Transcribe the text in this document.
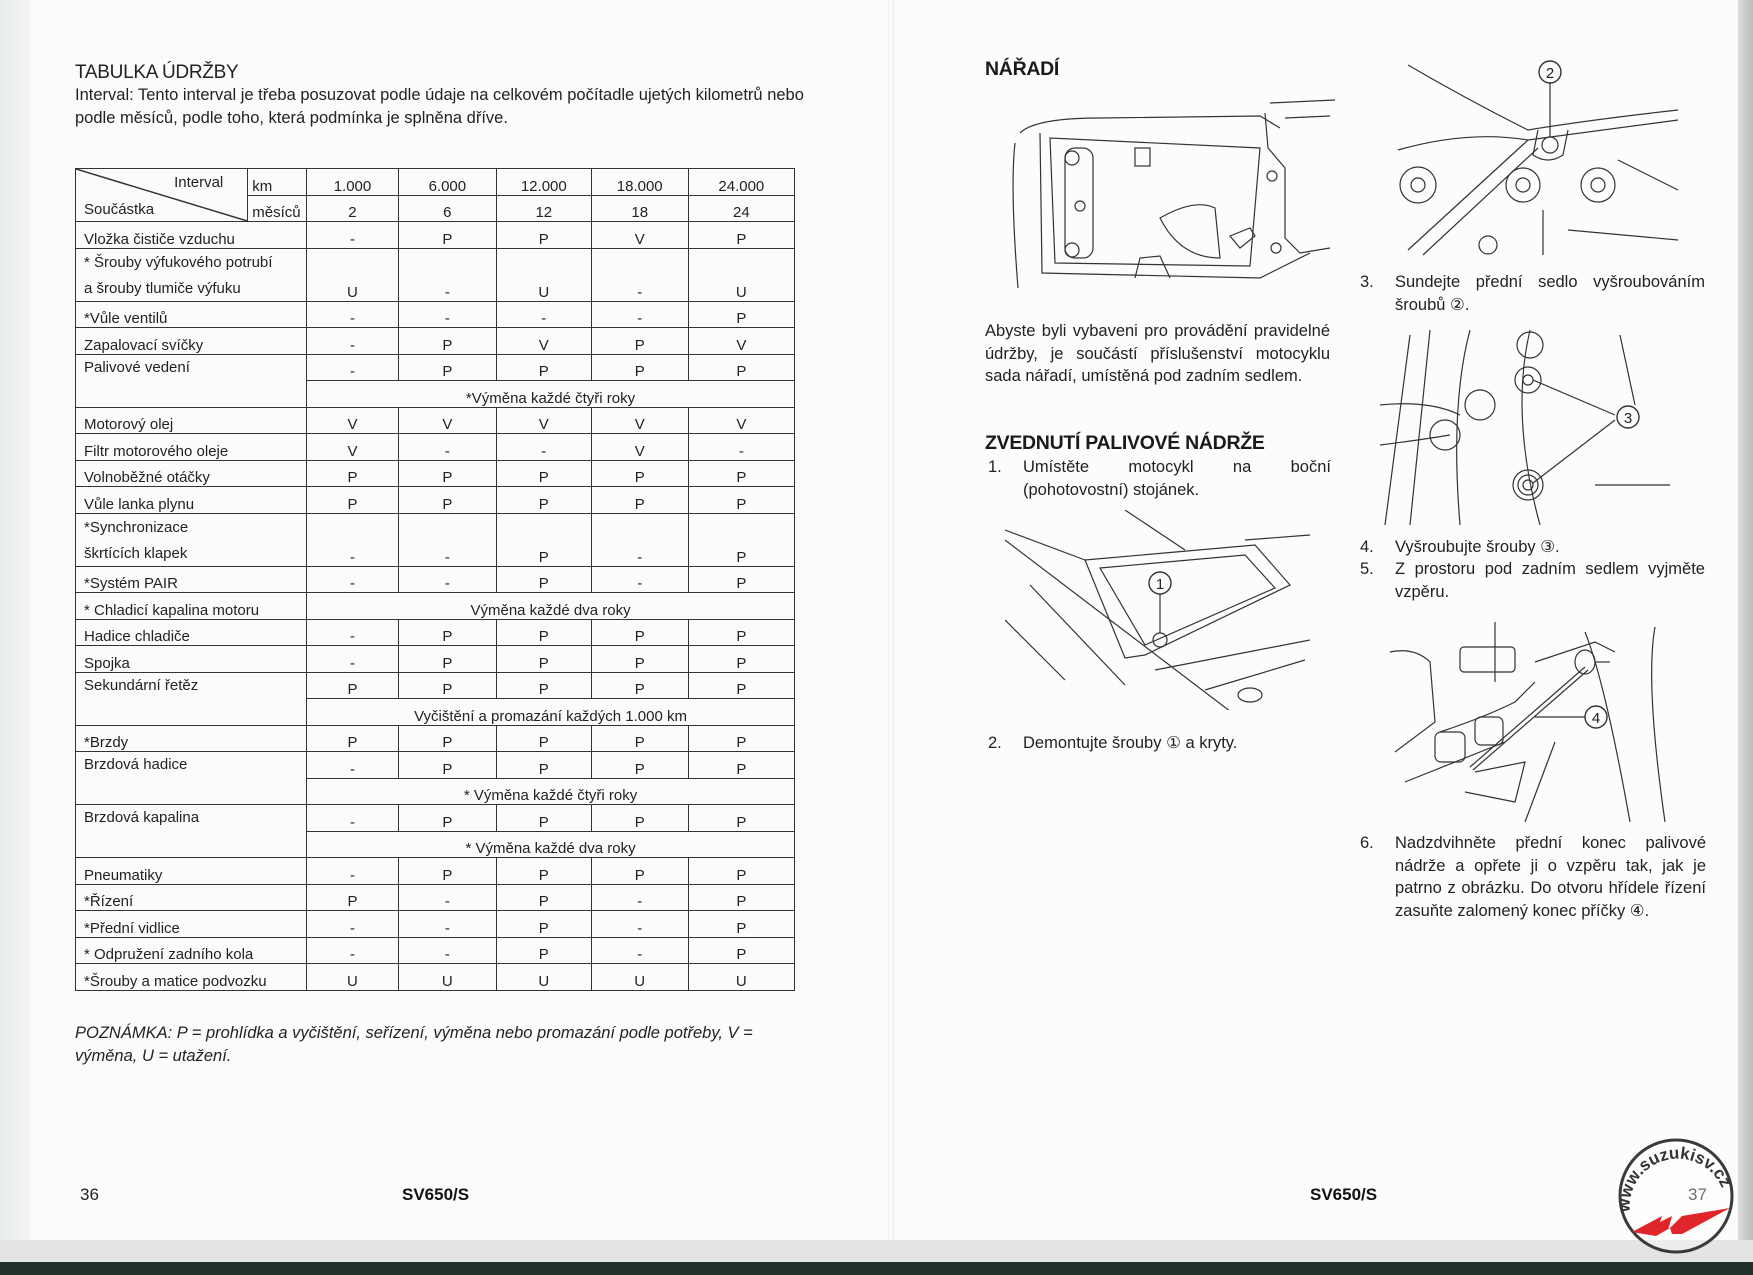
TABULKA ÚDRŽBY
Interval: Tento interval je třeba posuzovat podle údaje na celkovém počítadle ujetých kilometrů nebo podle měsíců, podle toho, která podmínka je splněna dříve.
Interval
Součástka
	km	1.000	6.000	12.000	18.000	24.000
měsíců	2	6	12	18	24
Vložka čističe vzduchu	-	P	P	V	P

* Šrouby výfukového potrubí
a šrouby tlumiče výfuku	U	-	U	-	U
*Vůle ventilů	-	-	-	-	P
Zapalovací svíčky	-	P	V	P	V
Palivové vedení	-	P	P	P	P
*Výměna každé čtyři roky
Motorový olej	V	V	V	V	V
Filtr motorového oleje	V	-	-	V	-
Volnoběžné otáčky	P	P	P	P	P
Vůle lanka plynu	P	P	P	P	P

*Synchronizace
škrtících klapek	-	-	P	-	P
*Systém PAIR	-	-	P	-	P
* Chladicí kapalina motoru	Výměna každé dva roky
Hadice chladiče	-	P	P	P	P
Spojka	-	P	P	P	P
Sekundární řetěz	P	P	P	P	P
Vyčištění a promazání každých 1.000 km
*Brzdy	P	P	P	P	P
Brzdová hadice	-	P	P	P	P
* Výměna každé čtyři roky
Brzdová kapalina	-	P	P	P	P
* Výměna každé dva roky
Pneumatiky	-	P	P	P	P
*Řízení	P	-	P	-	P
*Přední vidlice	-	-	P	-	P
* Odpružení zadního kola	-	-	P	-	P
*Šrouby a matice podvozku	U	U	U	U	U
POZNÁMKA: P = prohlídka a vyčištění, seřízení, výměna nebo promazání podle potřeby, V = výměna, U = utažení.
36	SV650/S
NÁŘADÍ
Abyste byli vybaveni pro provádění pravidelné údržby, je součástí příslušenství motocyklu sada nářadí, umístěná pod zadním sedlem.
ZVEDNUTÍ PALIVOVÉ NÁDRŽE
1. Umístěte motocykl na boční (pohotovostní) stojánek.
1
2. Demontujte šrouby ① a kryty.
2
3. Sundejte přední sedlo vyšroubováním šroubů ②.
3
4. Vyšroubujte šrouby ③.
5. Z prostoru pod zadním sedlem vyjměte vzpěru.
4
6. Nadzdvihněte přední konec palivové nádrže a opřete ji o vzpěru tak, jak je patrno z obrázku. Do otvoru hřídele řízení zasuňte zalomený konec příčky ④.
SV650/S
www.suzukisv.cz
